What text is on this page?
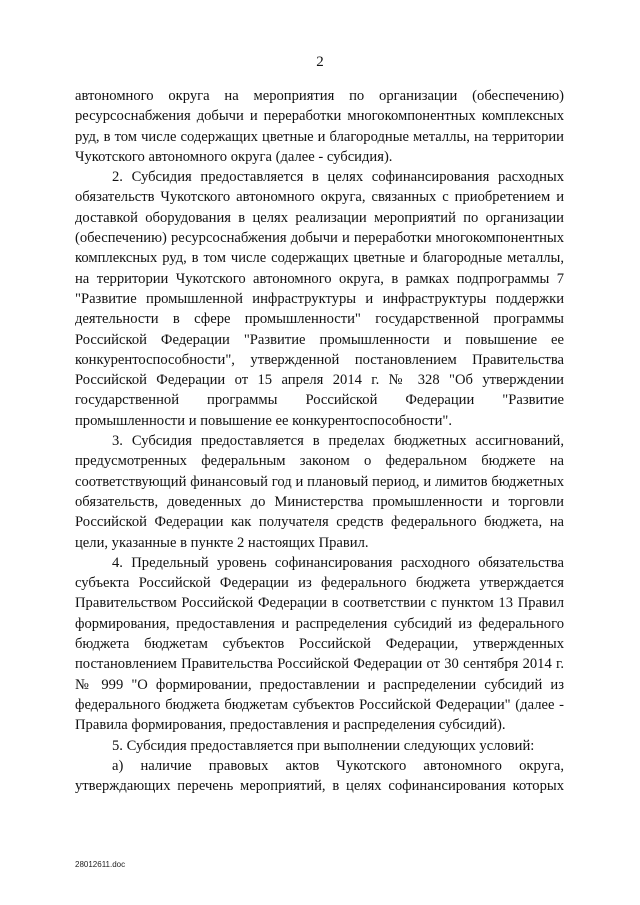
2

автономного округа на мероприятия по организации (обеспечению) ресурсоснабжения добычи и переработки многокомпонентных комплексных руд, в том числе содержащих цветные и благородные металлы, на территории Чукотского автономного округа (далее - субсидия).

2. Субсидия предоставляется в целях софинансирования расходных обязательств Чукотского автономного округа, связанных с приобретением и доставкой оборудования в целях реализации мероприятий по организации (обеспечению) ресурсоснабжения добычи и переработки многокомпонентных комплексных руд, в том числе содержащих цветные и благородные металлы, на территории Чукотского автономного округа, в рамках подпрограммы 7 "Развитие промышленной инфраструктуры и инфраструктуры поддержки деятельности в сфере промышленности" государственной программы Российской Федерации "Развитие промышленности и повышение ее конкурентоспособности", утвержденной постановлением Правительства Российской Федерации от 15 апреля 2014 г. № 328 "Об утверждении государственной программы Российской Федерации "Развитие промышленности и повышение ее конкурентоспособности".

3. Субсидия предоставляется в пределах бюджетных ассигнований, предусмотренных федеральным законом о федеральном бюджете на соответствующий финансовый год и плановый период, и лимитов бюджетных обязательств, доведенных до Министерства промышленности и торговли Российской Федерации как получателя средств федерального бюджета, на цели, указанные в пункте 2 настоящих Правил.

4. Предельный уровень софинансирования расходного обязательства субъекта Российской Федерации из федерального бюджета утверждается Правительством Российской Федерации в соответствии с пунктом 13 Правил формирования, предоставления и распределения субсидий из федерального бюджета бюджетам субъектов Российской Федерации, утвержденных постановлением Правительства Российской Федерации от 30 сентября 2014 г. № 999 "О формировании, предоставлении и распределении субсидий из федерального бюджета бюджетам субъектов Российской Федерации" (далее - Правила формирования, предоставления и распределения субсидий).

5. Субсидия предоставляется при выполнении следующих условий:

а) наличие правовых актов Чукотского автономного округа, утверждающих перечень мероприятий, в целях софинансирования которых

28012611.doc
